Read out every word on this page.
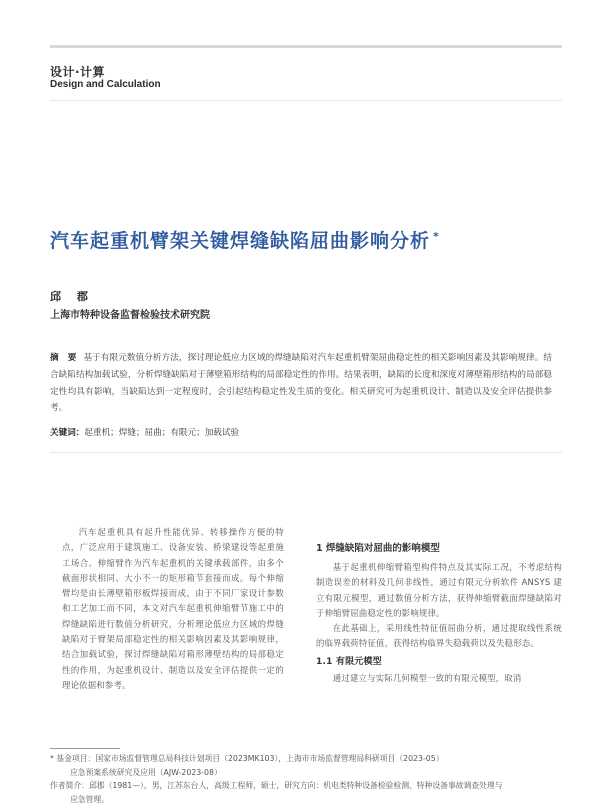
设计·计算
Design and Calculation
汽车起重机臂架关键焊缝缺陷屈曲影响分析 *
邱 郡
上海市特种设备监督检验技术研究院
摘 要 基于有限元数值分析方法，探讨理论低应力区域的焊缝缺陷对汽车起重机臂架屈曲稳定性的相关影响因素及其影响规律。结合缺陷结构加载试验，分析焊缝缺陷对于薄壁箱形结构的局部稳定性的作用。结果表明，缺陷的长度和深度对薄壁箱形结构的局部稳定性均具有影响，当缺陷达到一定程度时，会引起结构稳定性发生质的变化。相关研究可为起重机设计、制造以及安全评估提供参考。
关键词：起重机；焊缝；屈曲；有限元；加载试验
汽车起重机具有起升性能优异、转移操作方便的特点，广泛应用于建筑施工、设备安装、桥梁建设等起重施工场合。伸缩臂作为汽车起重机的关键承载部件，由多个截面形状相同、大小不一的矩形箱节套接而成。每个伸缩臂均是由长薄壁箱形板焊接而成，由于不同厂家设计参数和工艺加工而不同，本文对汽车起重机伸缩臂节施工中的焊缝缺陷进行数值分析研究，分析理论低应力区域的焊缝缺陷对于臂架局部稳定性的相关影响因素及其影响规律，结合加载试验，探讨焊缝缺陷对箱形薄壁结构的局部稳定性的作用，为起重机设计、制造以及安全评估提供一定的理论依据和参考。
1 焊缝缺陷对屈曲的影响模型
基于起重机伸缩臂箱型构件特点及其实际工况，不考虑结构制造误差的材料及几何非线性，通过有限元分析软件 ANSYS 建立有限元模型，通过数值分析方法，获得伸缩臂截面焊缝缺陷对于伸缩臂屈曲稳定性的影响规律。
在此基础上，采用线性特征值屈曲分析，通过提取线性系统的临界载荷特征值，获得结构临界失稳载荷以及失稳形态。
1.1 有限元模型
通过建立与实际几何模型一致的有限元模型，取消
* 基金项目：国家市场监督管理总局科技计划项目（2023MK103），上海市市场监督管理局科研项目（2023-05）
应急预案系统研究及应用（AJW-2023-08）
作者简介：邱郡（1981—），男，江苏东台人，高级工程师，硕士，研究方向：机电类特种设备检验检测、特种设备事故调查处理与
应急管理。
